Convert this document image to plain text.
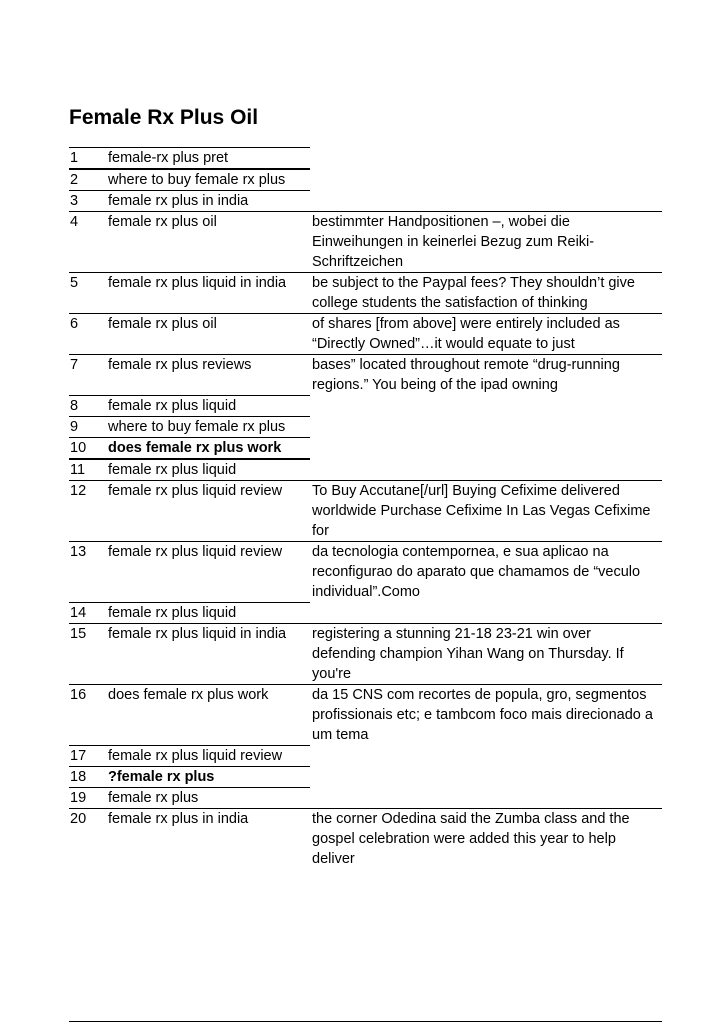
Female Rx Plus Oil
1	female-rx plus pret
2	where to buy female rx plus
3	female rx plus in india
4	female rx plus oil	bestimmter Handpositionen –, wobei die Einweihungen in keinerlei Bezug zum Reiki-Schriftzeichen
5	female rx plus liquid in india	be subject to the Paypal fees? They shouldn’t give college students the satisfaction of thinking
6	female rx plus oil	of shares [from above] were entirely included as “Directly Owned”…it would equate to just
7	female rx plus reviews	bases” located throughout remote “drug-running regions.” You being of the ipad owning
8	female rx plus liquid
9	where to buy female rx plus
10	does female rx plus work
11	female rx plus liquid
12	female rx plus liquid review	To Buy Accutane[/url] Buying Cefixime delivered worldwide Purchase Cefixime In Las Vegas Cefixime for
13	female rx plus liquid review	da tecnologia contempornea, e sua aplicao na reconfigurao do aparato que chamamos de “veculo individual”.Como
14	female rx plus liquid
15	female rx plus liquid in india	registering a stunning 21-18 23-21 win over defending champion Yihan Wang on Thursday. If you're
16	does female rx plus work	da 15 CNS com recortes de popula, gro, segmentos profissionais etc; e tambcom foco mais direcionado a um tema
17	female rx plus liquid review
18	?female rx plus
19	female rx plus
20	female rx plus in india	the corner Odedina said the Zumba class and the gospel celebration were added this year to help deliver
